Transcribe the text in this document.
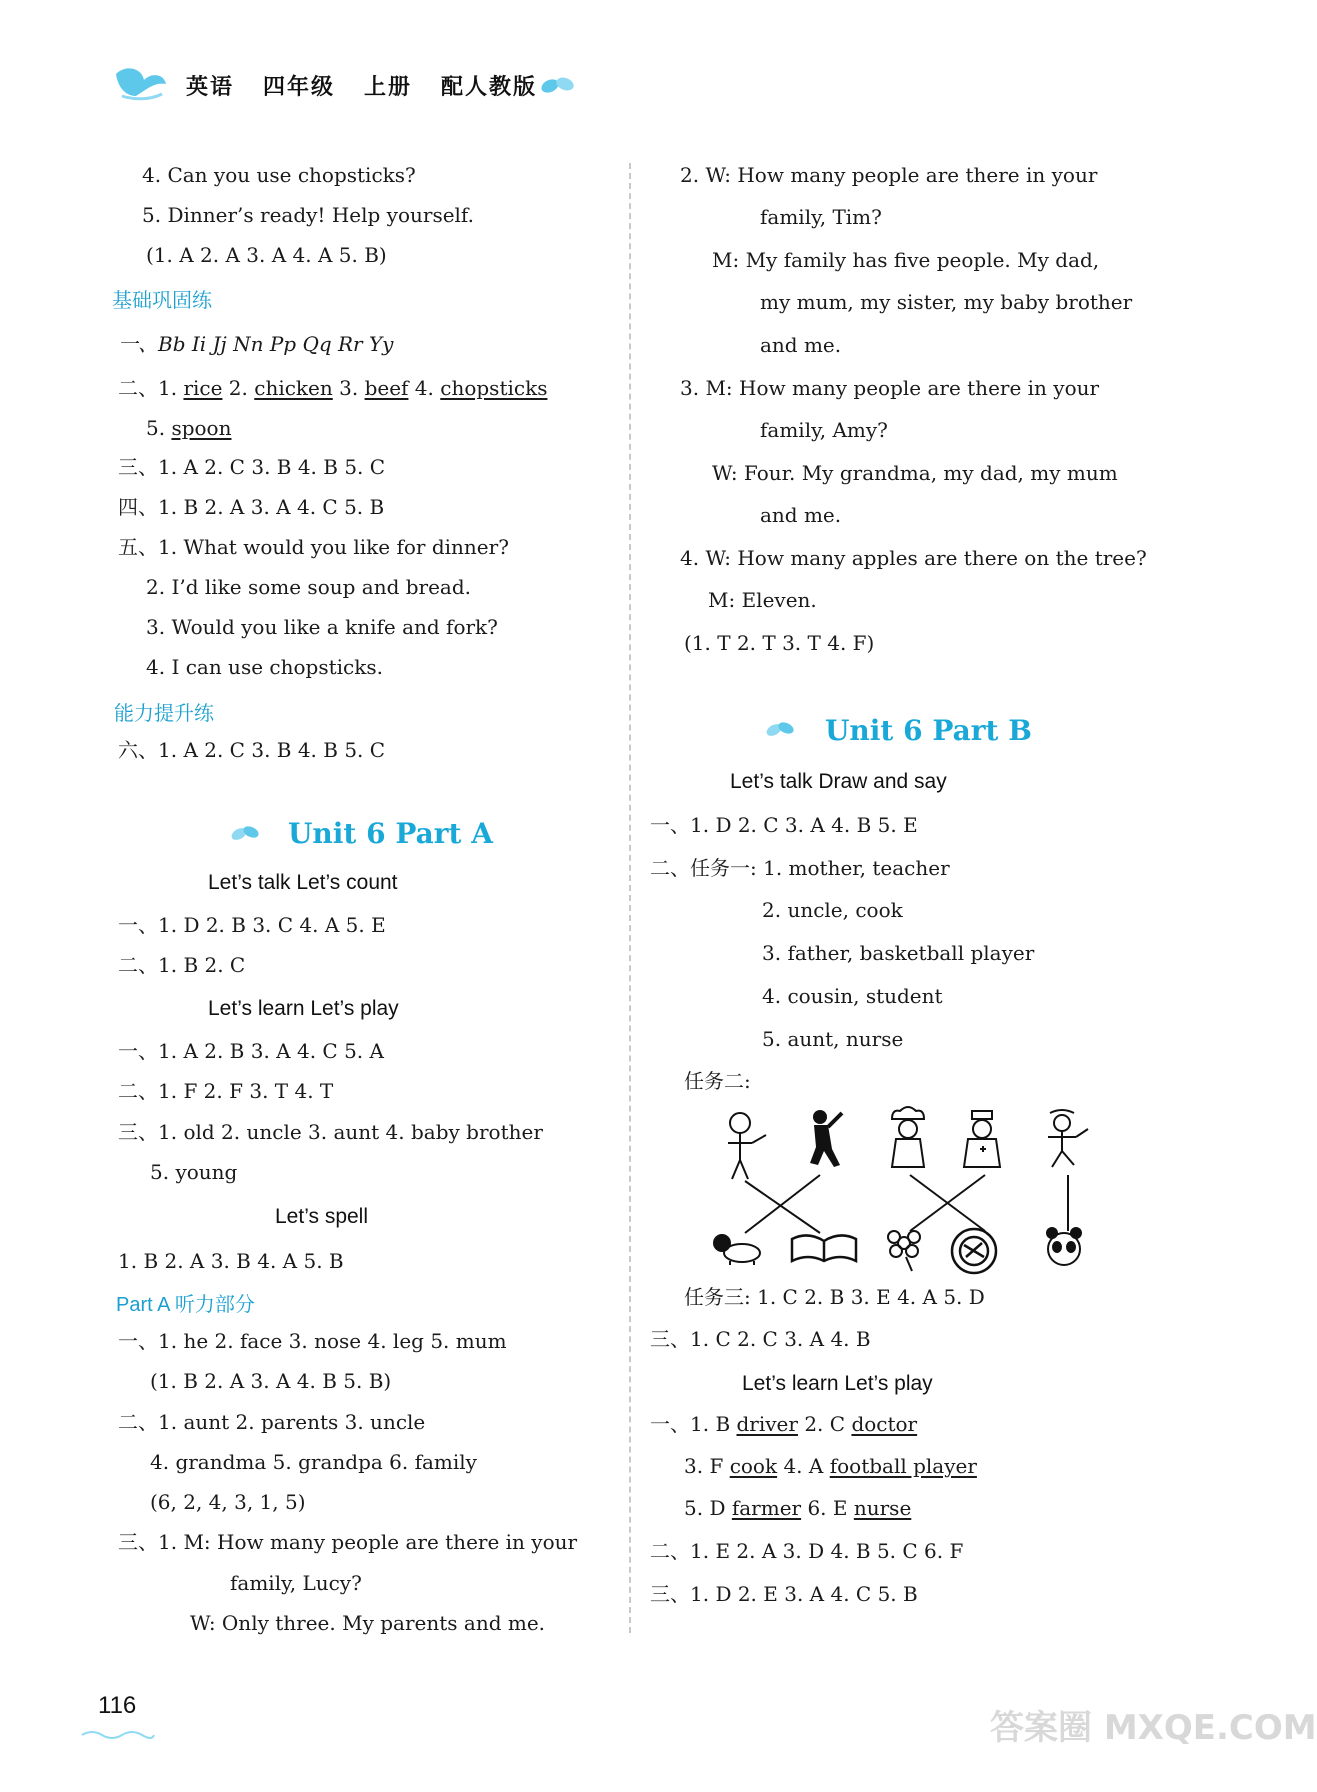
英语 四年级 上册 配人教版
4. Can you use chopsticks?
5. Dinner’s ready! Help yourself.
(1. A 2. A 3. A 4. A 5. B)
基础巩固练
一、Bb Ii Jj Nn Pp Qq Rr Yy
二、1. rice 2. chicken 3. beef 4. chopsticks
5. spoon
三、1. A 2. C 3. B 4. B 5. C
四、1. B 2. A 3. A 4. C 5. B
五、1. What would you like for dinner?
2. I’d like some soup and bread.
3. Would you like a knife and fork?
4. I can use chopsticks.
能力提升练
六、1. A 2. C 3. B 4. B 5. C
Unit 6 Part A
Let’s talk Let’s count
一、1. D 2. B 3. C 4. A 5. E
二、1. B 2. C
Let’s learn Let’s play
一、1. A 2. B 3. A 4. C 5. A
二、1. F 2. F 3. T 4. T
三、1. old 2. uncle 3. aunt 4. baby brother
5. young
Let’s spell
1. B 2. A 3. B 4. A 5. B
Part A 听力部分
一、1. he 2. face 3. nose 4. leg 5. mum
(1. B 2. A 3. A 4. B 5. B)
二、1. aunt 2. parents 3. uncle
4. grandma 5. grandpa 6. family
(6, 2, 4, 3, 1, 5)
三、1. M: How many people are there in your
family, Lucy?
W: Only three. My parents and me.
2. W: How many people are there in your
family, Tim?
M: My family has five people. My dad,
my mum, my sister, my baby brother
and me.
3. M: How many people are there in your
family, Amy?
W: Four. My grandma, my dad, my mum
and me.
4. W: How many apples are there on the tree?
M: Eleven.
(1. T 2. T 3. T 4. F)
Unit 6 Part B
Let’s talk Draw and say
一、1. D 2. C 3. A 4. B 5. E
二、任务一: 1. mother, teacher
2. uncle, cook
3. father, basketball player
4. cousin, student
5. aunt, nurse
任务二:
任务三: 1. C 2. B 3. E 4. A 5. D
三、1. C 2. C 3. A 4. B
Let’s learn Let’s play
一、1. B driver 2. C doctor
3. F cook 4. A football player
5. D farmer 6. E nurse
二、1. E 2. A 3. D 4. B 5. C 6. F
三、1. D 2. E 3. A 4. C 5. B
116
答案圈 MXQE.COM
